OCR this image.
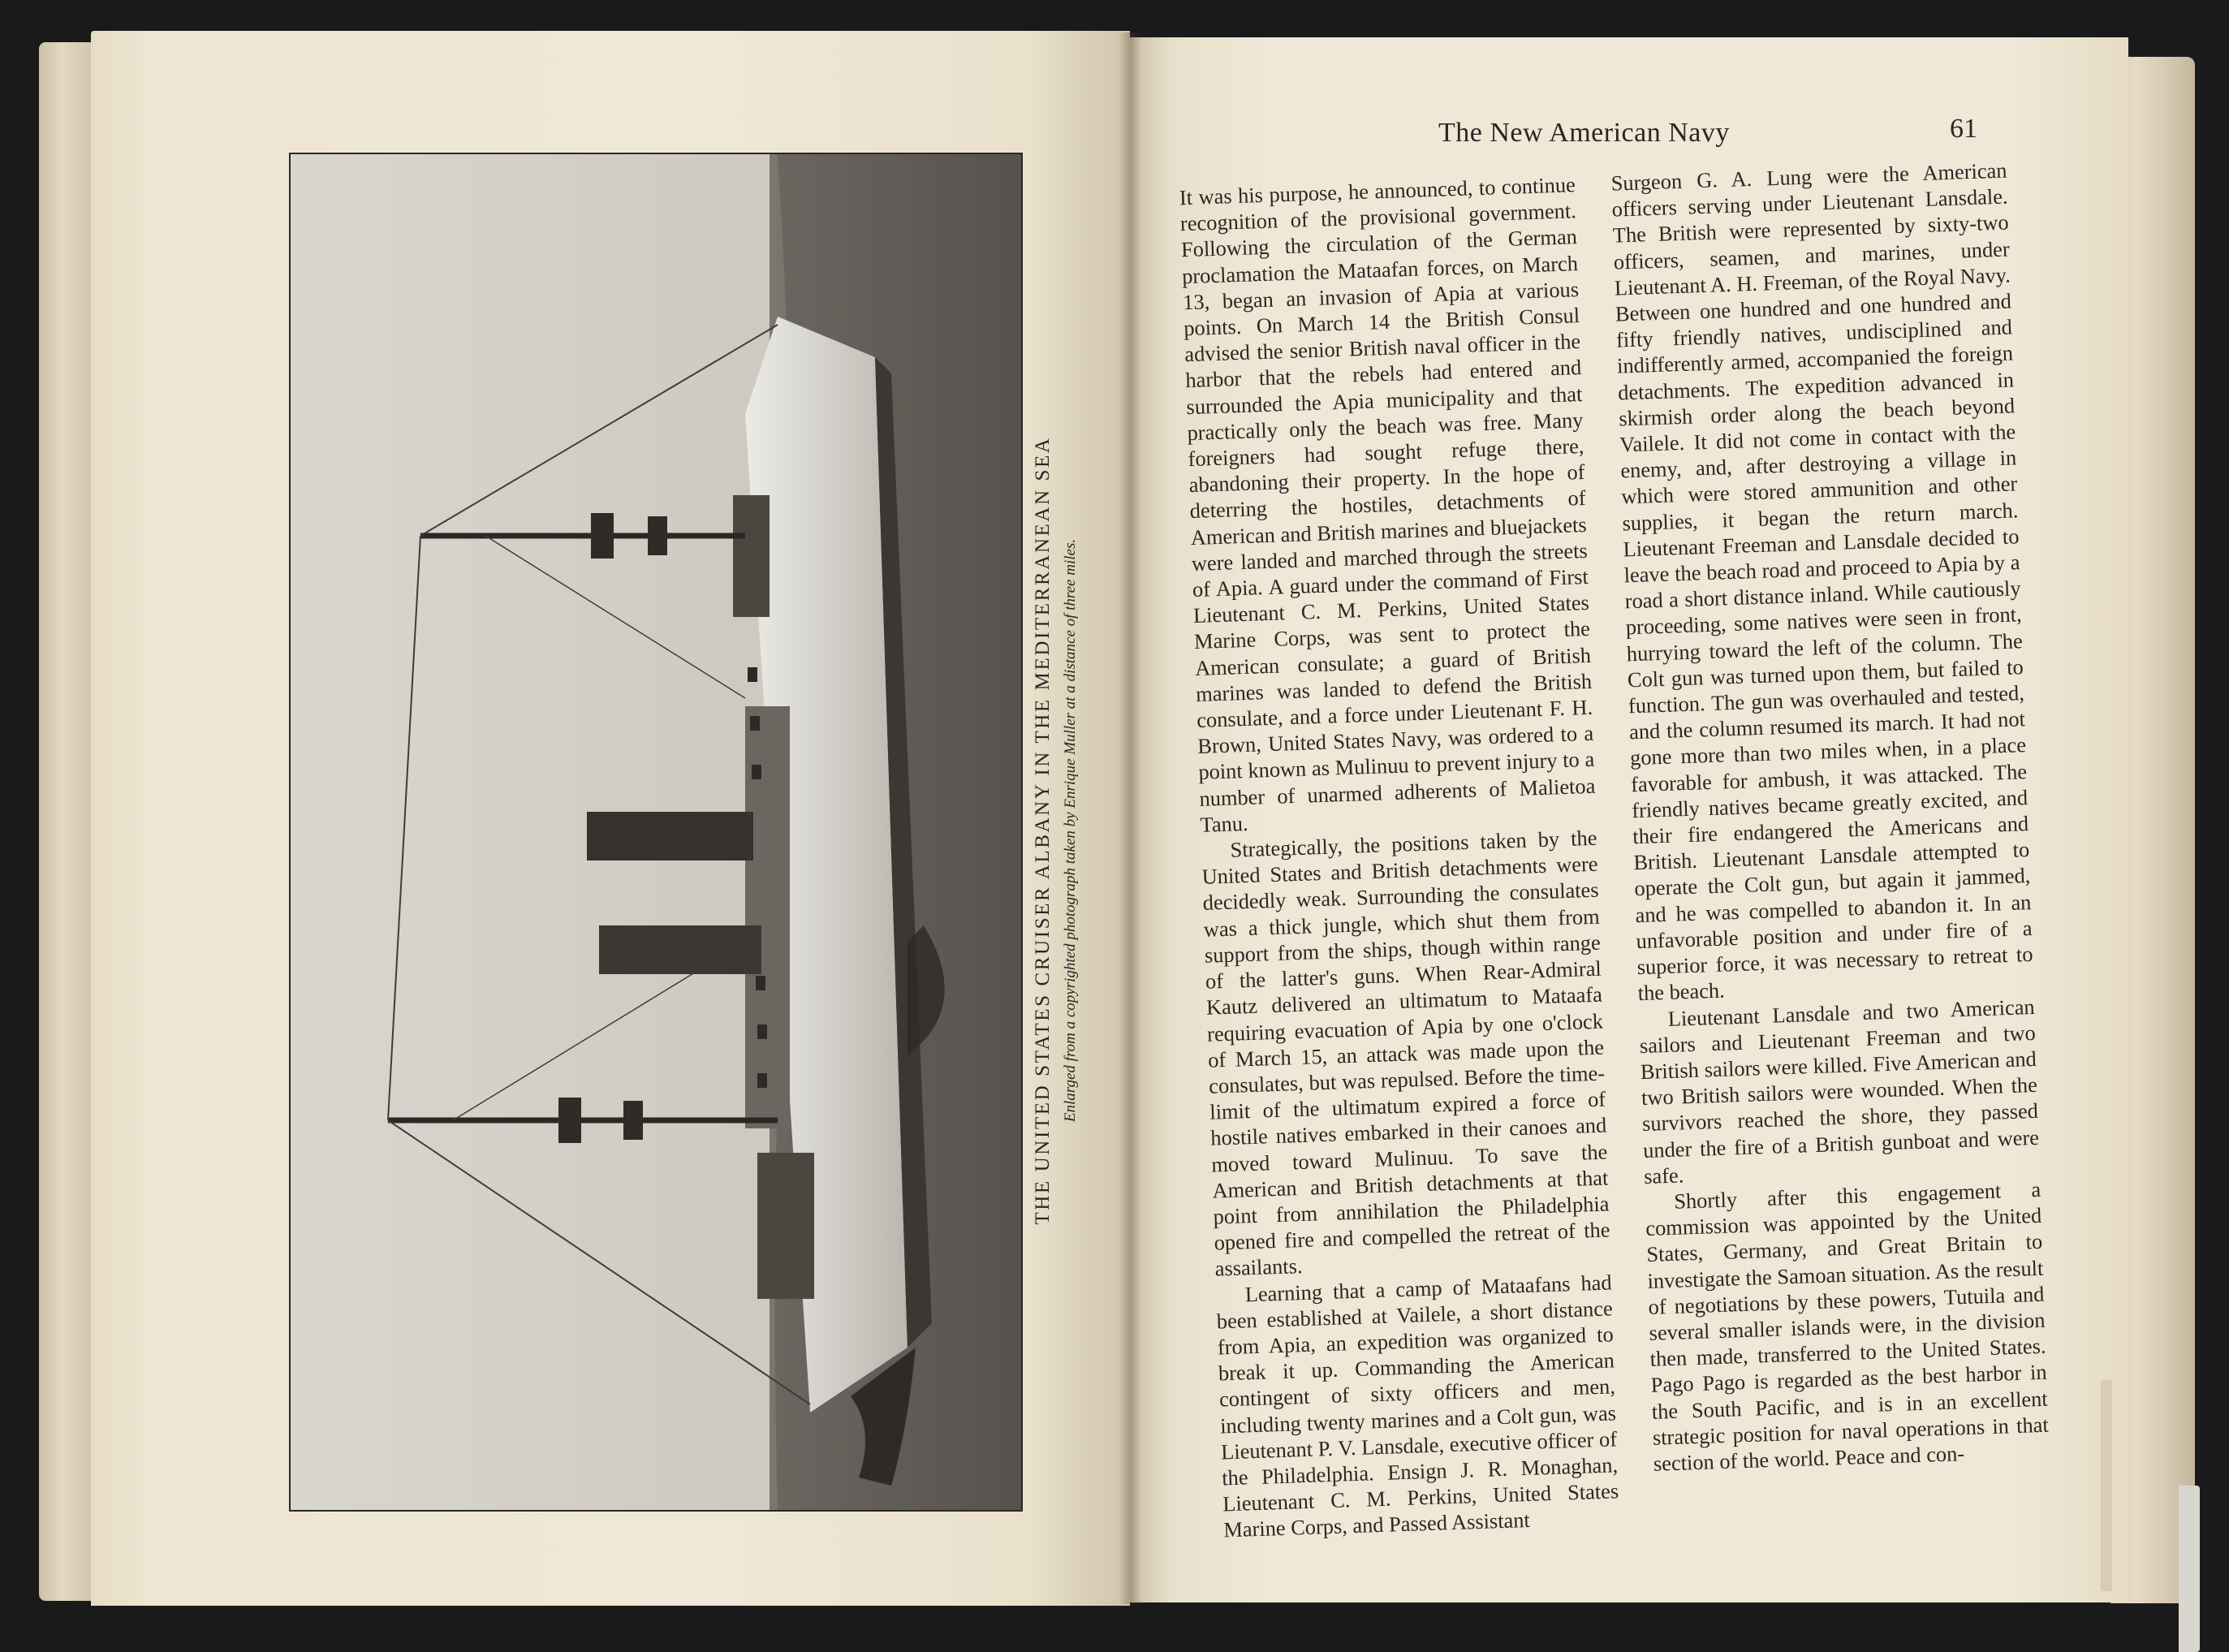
THE UNITED STATES CRUISER ALBANY IN THE MEDITERRANEAN SEA Enlarged from a copyrighted photograph taken by Enrique Muller at a distance of three miles.
The New American Navy	61

It was his purpose, he announced, to continue recognition of the provisional government. Following the circulation of the German proclamation the Mataafan forces, on March 13, began an invasion of Apia at various points. On March 14 the British Consul advised the senior British naval officer in the harbor that the rebels had entered and surrounded the Apia municipality and that practically only the beach was free. Many foreigners had sought refuge there, abandoning their property. In the hope of deterring the hostiles, detachments of American and British marines and bluejackets were landed and marched through the streets of Apia. A guard under the command of First Lieutenant C. M. Perkins, United States Marine Corps, was sent to protect the American consulate; a guard of British marines was landed to defend the British consulate, and a force under Lieutenant F. H. Brown, United States Navy, was ordered to a point known as Mulinuu to prevent injury to a number of unarmed adherents of Malietoa Tanu.

Strategically, the positions taken by the United States and British detachments were decidedly weak. Surrounding the consulates was a thick jungle, which shut them from support from the ships, though within range of the latter's guns. When Rear-Admiral Kautz delivered an ultimatum to Mataafa requiring evacuation of Apia by one o'clock of March 15, an attack was made upon the consulates, but was repulsed. Before the time-limit of the ultimatum expired a force of hostile natives embarked in their canoes and moved toward Mulinuu. To save the American and British detachments at that point from annihilation the Philadelphia opened fire and compelled the retreat of the assailants.

Learning that a camp of Mataafans had been established at Vailele, a short distance from Apia, an expedition was organized to break it up. Commanding the American contingent of sixty officers and men, including twenty marines and a Colt gun, was Lieutenant P. V. Lansdale, executive officer of the Philadelphia. Ensign J. R. Monaghan, Lieutenant C. M. Perkins, United States Marine Corps, and Passed Assistant

Surgeon G. A. Lung were the American officers serving under Lieutenant Lansdale. The British were represented by sixty-two officers, seamen, and marines, under Lieutenant A. H. Freeman, of the Royal Navy. Between one hundred and one hundred and fifty friendly natives, undisciplined and indifferently armed, accompanied the foreign detachments. The expedition advanced in skirmish order along the beach beyond Vailele. It did not come in contact with the enemy, and, after destroying a village in which were stored ammunition and other supplies, it began the return march. Lieutenant Freeman and Lansdale decided to leave the beach road and proceed to Apia by a road a short distance inland. While cautiously proceeding, some natives were seen in front, hurrying toward the left of the column. The Colt gun was turned upon them, but failed to function. The gun was overhauled and tested, and the column resumed its march. It had not gone more than two miles when, in a place favorable for ambush, it was attacked. The friendly natives became greatly excited, and their fire endangered the Americans and British. Lieutenant Lansdale attempted to operate the Colt gun, but again it jammed, and he was compelled to abandon it. In an unfavorable position and under fire of a superior force, it was necessary to retreat to the beach.

Lieutenant Lansdale and two American sailors and Lieutenant Freeman and two British sailors were killed. Five American and two British sailors were wounded. When the survivors reached the shore, they passed under the fire of a British gunboat and were safe.

Shortly after this engagement a commission was appointed by the United States, Germany, and Great Britain to investigate the Samoan situation. As the result of negotiations by these powers, Tutuila and several smaller islands were, in the division then made, transferred to the United States. Pago Pago is regarded as the best harbor in the South Pacific, and is in an excellent strategic position for naval operations in that section of the world. Peace and con-
